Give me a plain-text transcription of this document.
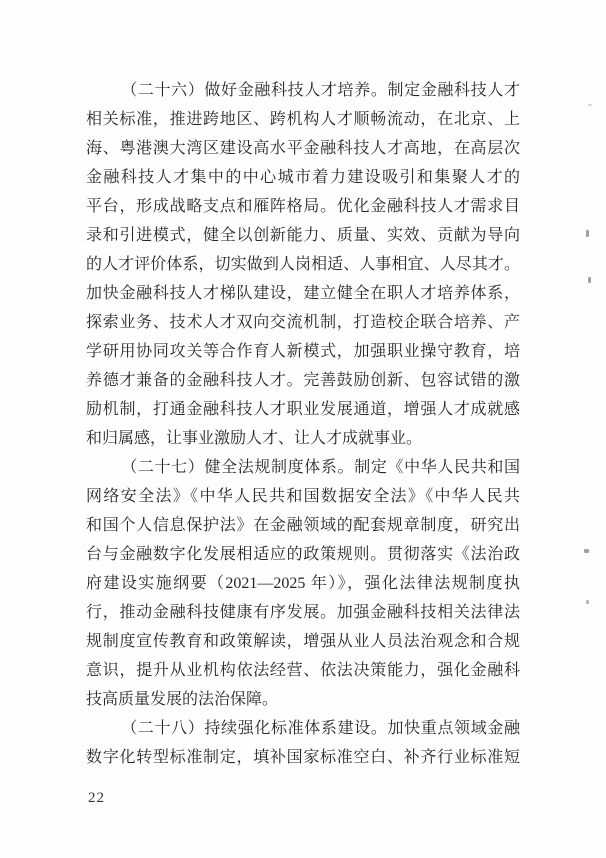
（二十六）做好金融科技人才培养。制定金融科技人才
相关标准，推进跨地区、跨机构人才顺畅流动，在北京、上
海、粤港澳大湾区建设高水平金融科技人才高地，在高层次
金融科技人才集中的中心城市着力建设吸引和集聚人才的
平台，形成战略支点和雁阵格局。优化金融科技人才需求目
录和引进模式，健全以创新能力、质量、实效、贡献为导向
的人才评价体系，切实做到人岗相适、人事相宜、人尽其才。
加快金融科技人才梯队建设，建立健全在职人才培养体系，
探索业务、技术人才双向交流机制，打造校企联合培养、产
学研用协同攻关等合作育人新模式，加强职业操守教育，培
养德才兼备的金融科技人才。完善鼓励创新、包容试错的激
励机制，打通金融科技人才职业发展通道，增强人才成就感
和归属感，让事业激励人才、让人才成就事业。
（二十七）健全法规制度体系。制定《中华人民共和国
网络安全法》《中华人民共和国数据安全法》《中华人民共
和国个人信息保护法》在金融领域的配套规章制度，研究出
台与金融数字化发展相适应的政策规则。贯彻落实《法治政
府建设实施纲要（2021—2025 年）》，强化法律法规制度执
行，推动金融科技健康有序发展。加强金融科技相关法律法
规制度宣传教育和政策解读，增强从业人员法治观念和合规
意识，提升从业机构依法经营、依法决策能力，强化金融科
技高质量发展的法治保障。
（二十八）持续强化标准体系建设。加快重点领域金融
数字化转型标准制定，填补国家标准空白、补齐行业标准短
22
